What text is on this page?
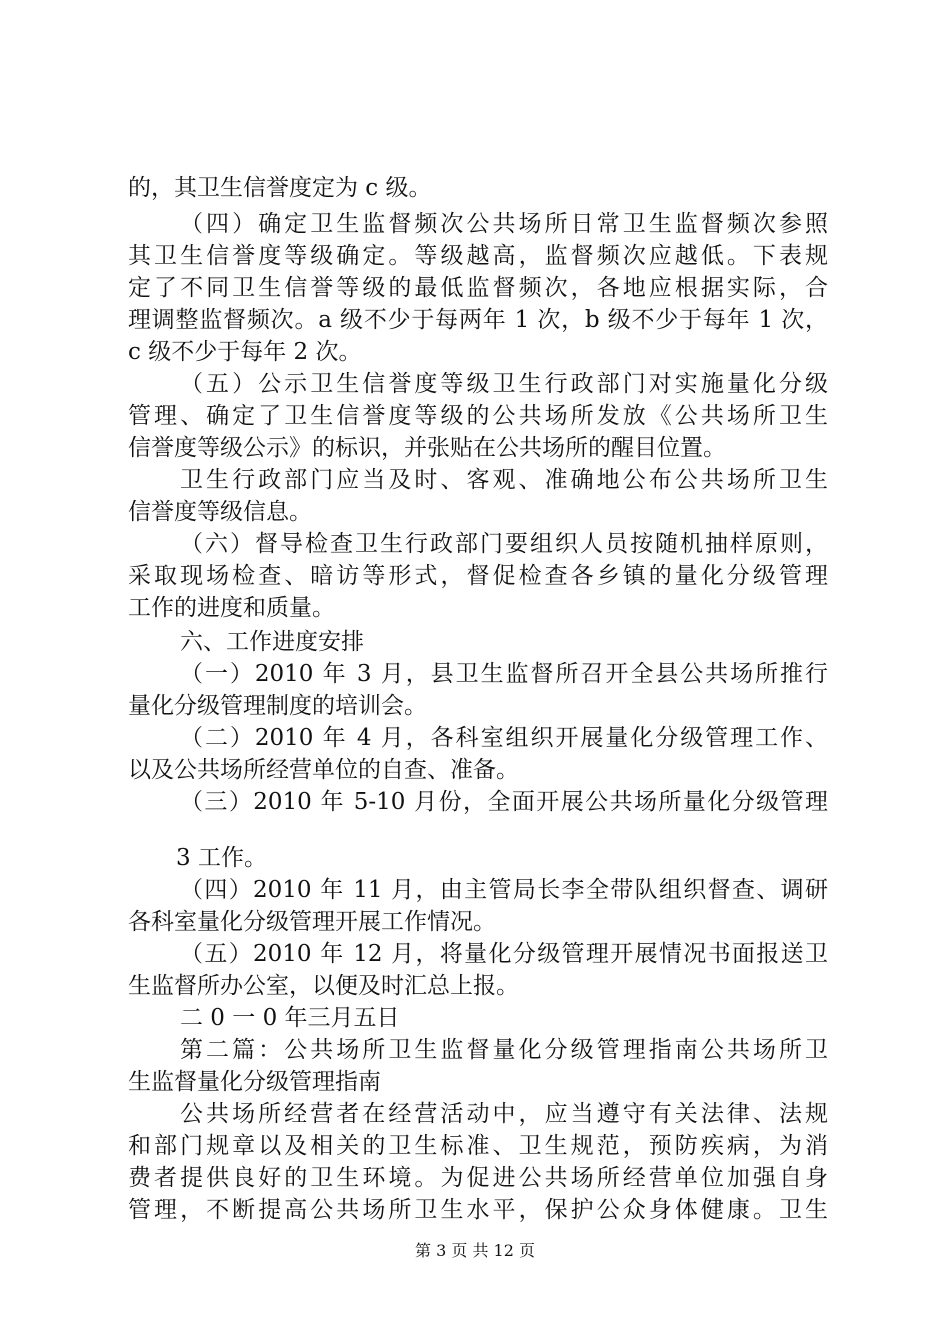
的，其卫生信誉度定为 c 级。
（四）确定卫生监督频次公共场所日常卫生监督频次参照
其卫生信誉度等级确定。等级越高，监督频次应越低。下表规
定了不同卫生信誉等级的最低监督频次，各地应根据实际，合
理调整监督频次。a 级不少于每两年 1 次，b 级不少于每年 1 次，
c 级不少于每年 2 次。
（五）公示卫生信誉度等级卫生行政部门对实施量化分级
管理、确定了卫生信誉度等级的公共场所发放《公共场所卫生
信誉度等级公示》的标识，并张贴在公共场所的醒目位置。
卫生行政部门应当及时、客观、准确地公布公共场所卫生
信誉度等级信息。
（六）督导检查卫生行政部门要组织人员按随机抽样原则，
采取现场检查、暗访等形式，督促检查各乡镇的量化分级管理
工作的进度和质量。
六、工作进度安排
（一）2010 年 3 月，县卫生监督所召开全县公共场所推行
量化分级管理制度的培训会。
（二）2010 年 4 月，各科室组织开展量化分级管理工作、
以及公共场所经营单位的自查、准备。
（三）2010 年 5-10 月份，全面开展公共场所量化分级管理
3 工作。
（四）2010 年 11 月，由主管局长李全带队组织督查、调研
各科室量化分级管理开展工作情况。
（五）2010 年 12 月，将量化分级管理开展情况书面报送卫
生监督所办公室，以便及时汇总上报。
二 0 一 0 年三月五日
第二篇：公共场所卫生监督量化分级管理指南公共场所卫
生监督量化分级管理指南
公共场所经营者在经营活动中，应当遵守有关法律、法规
和部门规章以及相关的卫生标准、卫生规范，预防疾病，为消
费者提供良好的卫生环境。为促进公共场所经营单位加强自身
管理，不断提高公共场所卫生水平，保护公众身体健康。卫生
第 3 页 共 12 页
